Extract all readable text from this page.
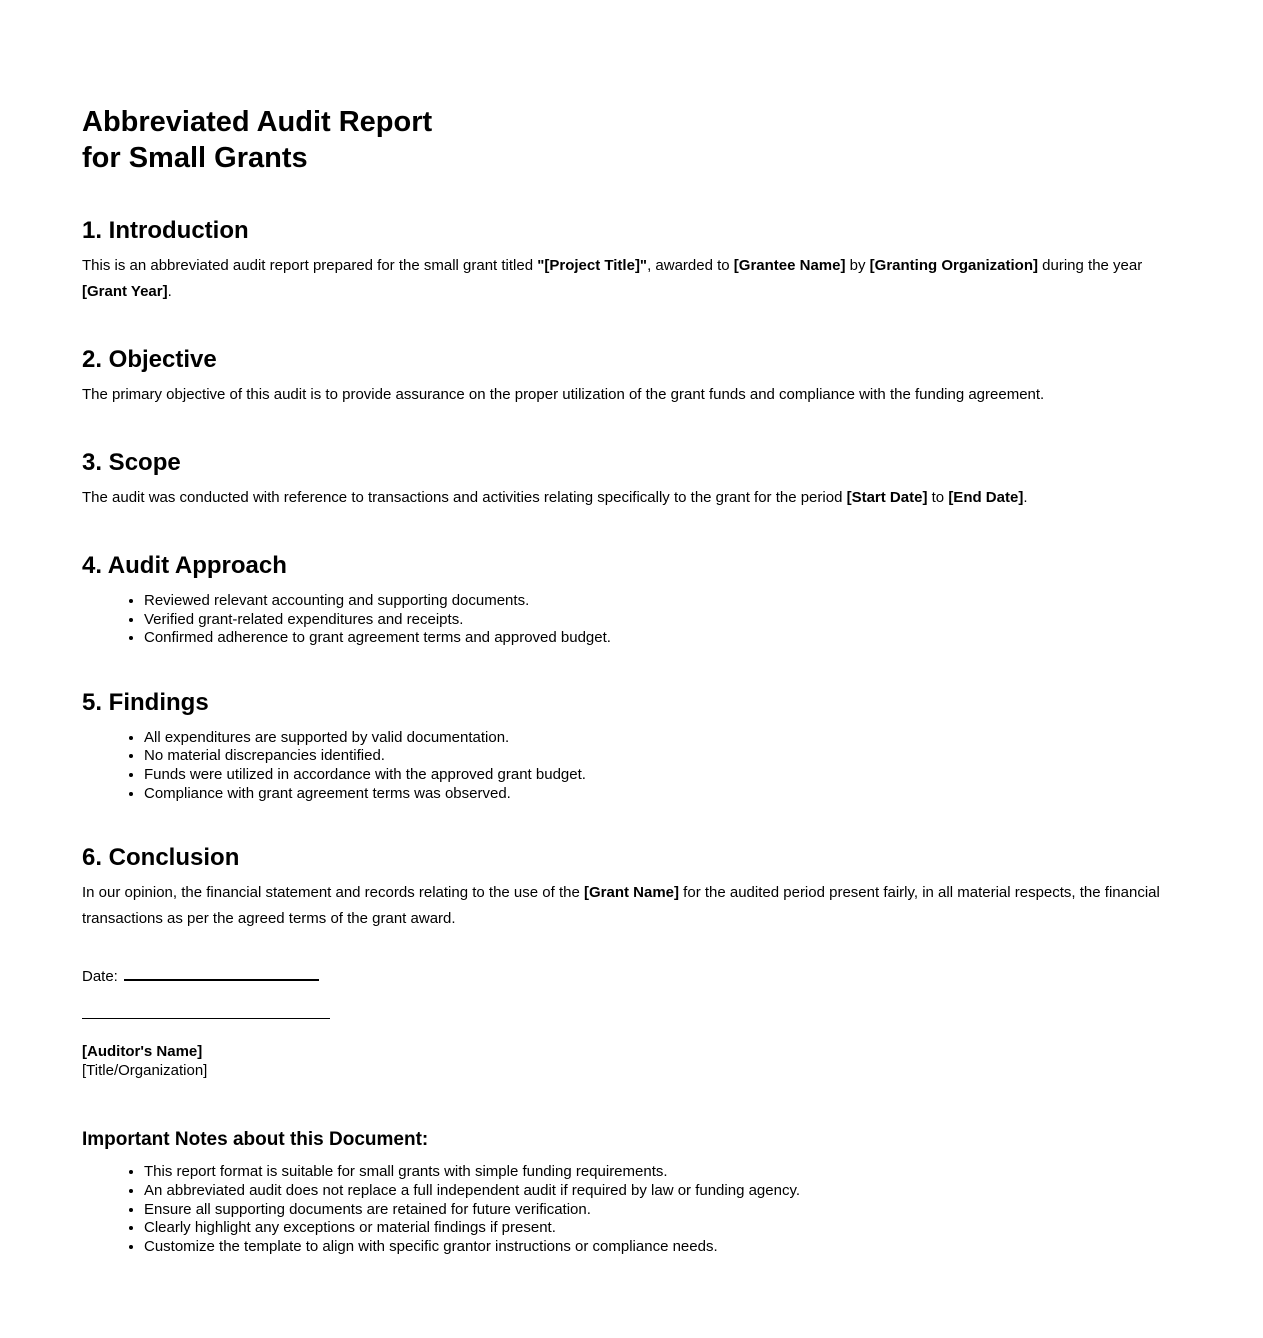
Abbreviated Audit Report
for Small Grants
1. Introduction

This is an abbreviated audit report prepared for the small grant titled "[Project Title]", awarded to [Grantee Name] by [Granting Organization] during the year [Grant Year].

2. Objective

The primary objective of this audit is to provide assurance on the proper utilization of the grant funds and compliance with the funding agreement.

3. Scope

The audit was conducted with reference to transactions and activities relating specifically to the grant for the period [Start Date] to [End Date].

4. Audit Approach
• Reviewed relevant accounting and supporting documents.
• Verified grant-related expenditures and receipts.
• Confirmed adherence to grant agreement terms and approved budget.
5. Findings
• All expenditures are supported by valid documentation.
• No material discrepancies identified.
• Funds were utilized in accordance with the approved grant budget.
• Compliance with grant agreement terms was observed.
6. Conclusion

In our opinion, the financial statement and records relating to the use of the [Grant Name] for the audited period present fairly, in all material respects, the financial transactions as per the agreed terms of the grant award.

Date:
[Auditor's Name]
[Title/Organization]
Important Notes about this Document:
• This report format is suitable for small grants with simple funding requirements.
• An abbreviated audit does not replace a full independent audit if required by law or funding agency.
• Ensure all supporting documents are retained for future verification.
• Clearly highlight any exceptions or material findings if present.
• Customize the template to align with specific grantor instructions or compliance needs.
